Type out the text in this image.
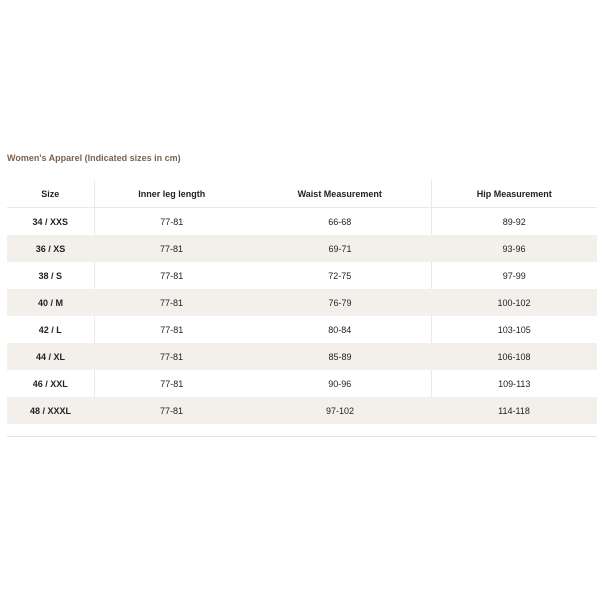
Women's Apparel (Indicated sizes in cm)
Size	Inner leg length	Waist Measurement	Hip Measurement
34 / XXS	77-81	66-68	89-92
36 / XS	77-81	69-71	93-96
38 / S	77-81	72-75	97-99
40 / M	77-81	76-79	100-102
42 / L	77-81	80-84	103-105
44 / XL	77-81	85-89	106-108
46 / XXL	77-81	90-96	109-113
48 / XXXL	77-81	97-102	114-118
